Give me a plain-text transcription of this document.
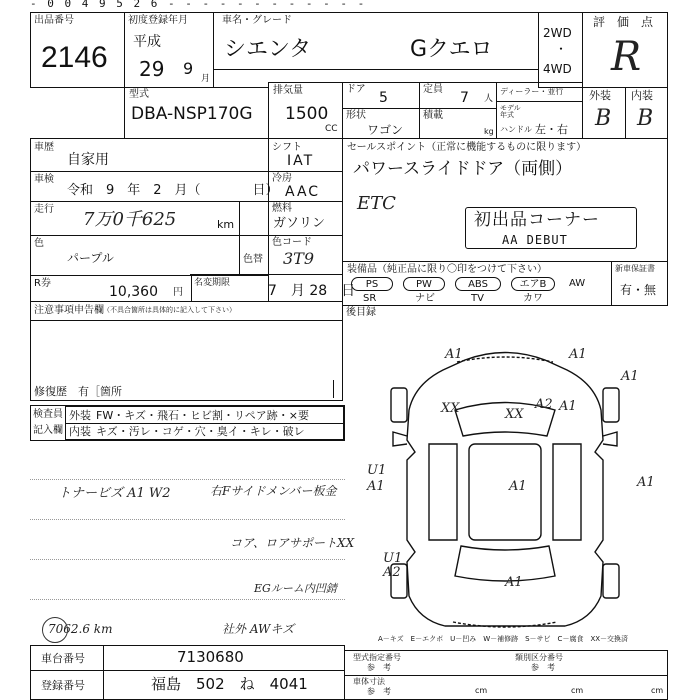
- 0 0 4 9 5 2 6 - - - - - - - - - - - -
出品番号
2146
初度登録年月
平成
29 9
月
車名・グレード
シエンタ	Gクエロ
2WD
・
4WD
評　価　点
R
型式
DBA-NSP170G
排気量
1500
CC
ドア
5
定員
7 人
ディーラー・並行
形状
ワゴン
積載
kg
モデル年式
ハンドル 左・右
外装 内装
B B
車歴
自家用
車検
令和　9　年　2　月（　　　　日）
走行 7万0千625	km
色
パープル	色替
R券
10,360 円
名変期限	7　月 28　日
シフト
IAT
冷房
AAC
燃料
ガソリン
色コード
3T9
セールスポイント（正常に機能するものに限ります）
パワースライドドア（両側）
ETC
初出品コーナー
AA DEBUT
装備品（純正品に限り〇印をつけて下さい）
PS	PW	ABS	エアB	AW
SR	ナビ	TV	カワ
新車保証書
有・無
注意事項申告欄 （不具合箇所は具体的に記入して下さい）
修復歴　有［箇所
後目録
検査員
記入欄
外装 FW・キズ・飛石・ヒビ割・リペア跡・×要
内装 キズ・汚レ・コゲ・穴・臭イ・キレ・破レ
トナービズ A1 W2	右Fサイドメンバー板金
コア、ロアサポートXX
EGルーム内凹錆
社外 AWキズ
7062.6 km
A1	A1
A1
XX	XX
A2 A1
U1
A1	A1	A1
U1
A2
A1
A－キズ　E－エクボ　U－凹み　W－補修跡　S－サビ　C－腐食　XX－交換済
車台番号	7130680
登録番号	福島　502　ね　4041
型式指定番号
参　考
類別区分番号
参　考
車体寸法
参　考	cm	cm	cm
